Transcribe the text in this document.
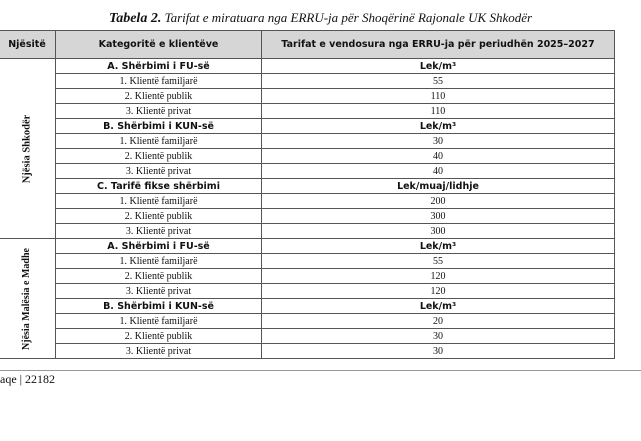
Tabela 2. Tarifat e miratuara nga ERRU-ja për Shoqërinë Rajonale UK Shkodër
Njësitë	Kategoritë e klientëve	Tarifat e vendosura nga ERRU-ja për periudhën 2025–2027

Njësia Shkodër	A. Shërbimi i FU-së	Lek/m³
	1. Klientë familjarë	55
	2. Klientë publik	110
	3. Klientë privat	110
	B. Shërbimi i KUN-së	Lek/m³
	1. Klientë familjarë	30
	2. Klientë publik	40
	3. Klientë privat	40
	C. Tarifë fikse shërbimi	Lek/muaj/lidhje
	1. Klientë familjarë	200
	2. Klientë publik	300
	3. Klientë privat	300

Njësia Malësia e Madhe	A. Shërbimi i FU-së	Lek/m³
	1. Klientë familjarë	55
	2. Klientë publik	120
	3. Klientë privat	120
	B. Shërbimi i KUN-së	Lek/m³
	1. Klientë familjarë	20
	2. Klientë publik	30
	3. Klientë privat	30
aqe | 22182
